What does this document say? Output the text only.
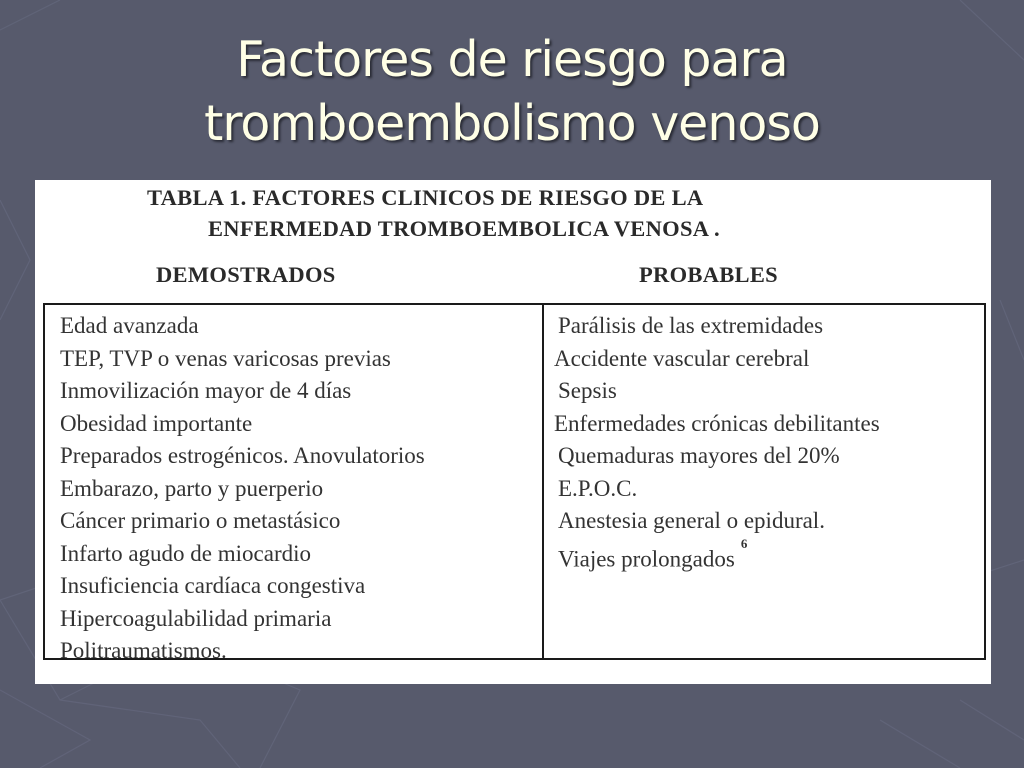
Factores de riesgo para
tromboembolismo venoso
TABLA 1. FACTORES CLINICOS DE RIESGO DE LA
ENFERMEDAD TROMBOEMBOLICA VENOSA .
DEMOSTRADOS	PROBABLES
Edad avanzada
TEP, TVP o venas varicosas previas
Inmovilización mayor de 4 días
Obesidad importante
Preparados estrogénicos. Anovulatorios
Embarazo, parto y puerperio
Cáncer primario o metastásico
Infarto agudo de miocardio
Insuficiencia cardíaca congestiva
Hipercoagulabilidad primaria
Politraumatismos.
Parálisis de las extremidades
Accidente vascular cerebral
Sepsis
Enfermedades crónicas debilitantes
Quemaduras mayores del 20%
E.P.O.C.
Anestesia general o epidural.
Viajes prolongados$^6$
